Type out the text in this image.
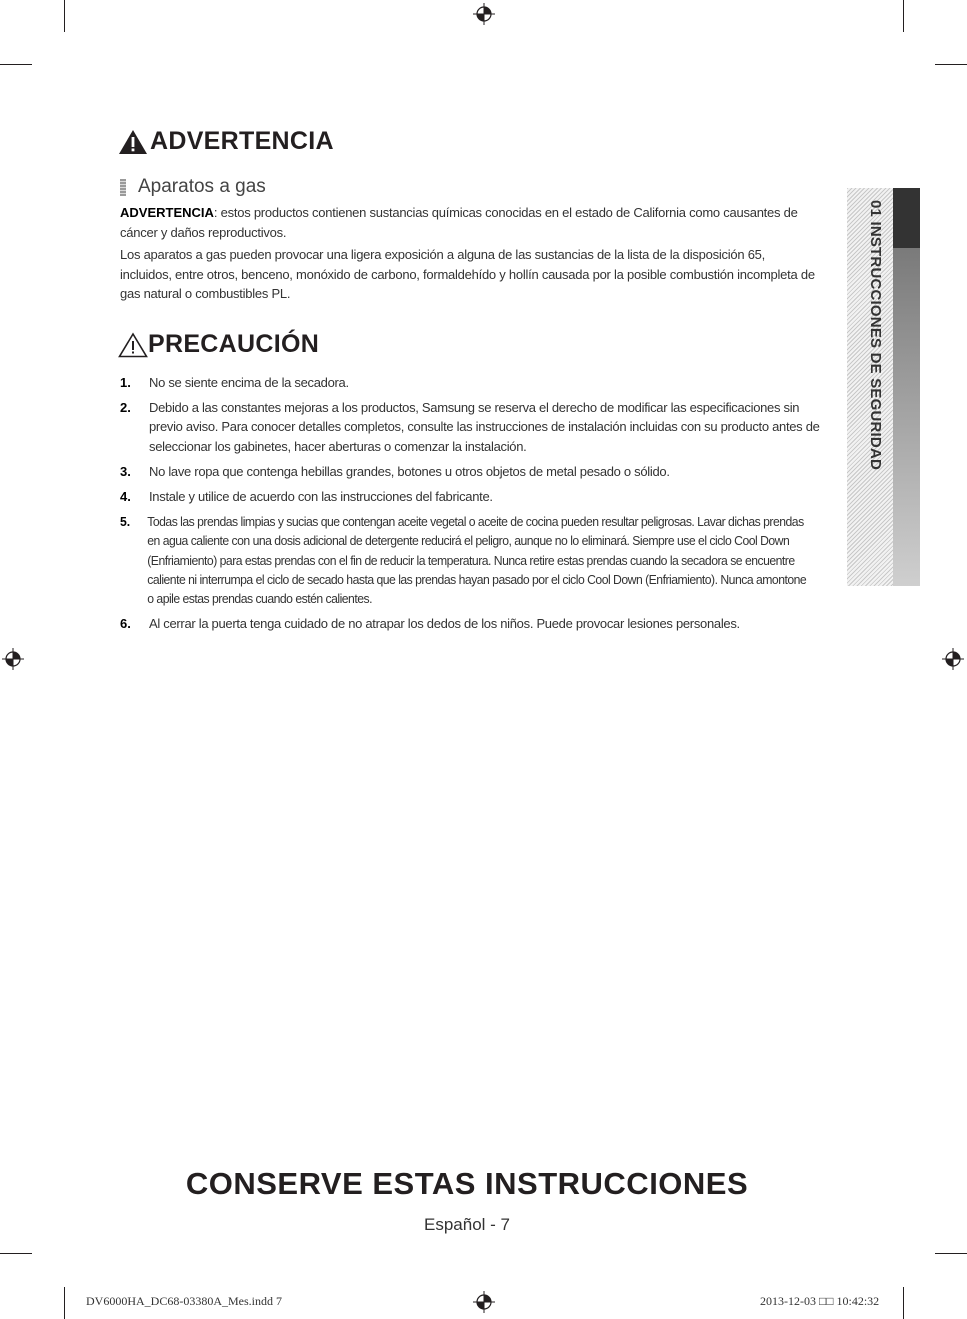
ADVERTENCIA
Aparatos a gas
ADVERTENCIA: estos productos contienen sustancias químicas conocidas en el estado de California como causantes de cáncer y daños reproductivos.
Los aparatos a gas pueden provocar una ligera exposición a alguna de las sustancias de la lista de la disposición 65, incluidos, entre otros, benceno, monóxido de carbono, formaldehído y hollín causada por la posible combustión incompleta de gas natural o combustibles PL.
PRECAUCIÓN
1. No se siente encima de la secadora.
2. Debido a las constantes mejoras a los productos, Samsung se reserva el derecho de modificar las especificaciones sin previo aviso. Para conocer detalles completos, consulte las instrucciones de instalación incluidas con su producto antes de seleccionar los gabinetes, hacer aberturas o comenzar la instalación.
3. No lave ropa que contenga hebillas grandes, botones u otros objetos de metal pesado o sólido.
4. Instale y utilice de acuerdo con las instrucciones del fabricante.
5. Todas las prendas limpias y sucias que contengan aceite vegetal o aceite de cocina pueden resultar peligrosas. Lavar dichas prendas en agua caliente con una dosis adicional de detergente reducirá el peligro, aunque no lo eliminará. Siempre use el ciclo Cool Down (Enfriamiento) para estas prendas con el fin de reducir la temperatura. Nunca retire estas prendas cuando la secadora se encuentre caliente ni interrumpa el ciclo de secado hasta que las prendas hayan pasado por el ciclo Cool Down (Enfriamiento). Nunca amontone o apile estas prendas cuando estén calientes.
6. Al cerrar la puerta tenga cuidado de no atrapar los dedos de los niños. Puede provocar lesiones personales.
01 INSTRUCCIONES DE SEGURIDAD
CONSERVE ESTAS INSTRUCCIONES
Español - 7
DV6000HA_DC68-03380A_Mes.indd 7	2013-12-03 □□ 10:42:32
